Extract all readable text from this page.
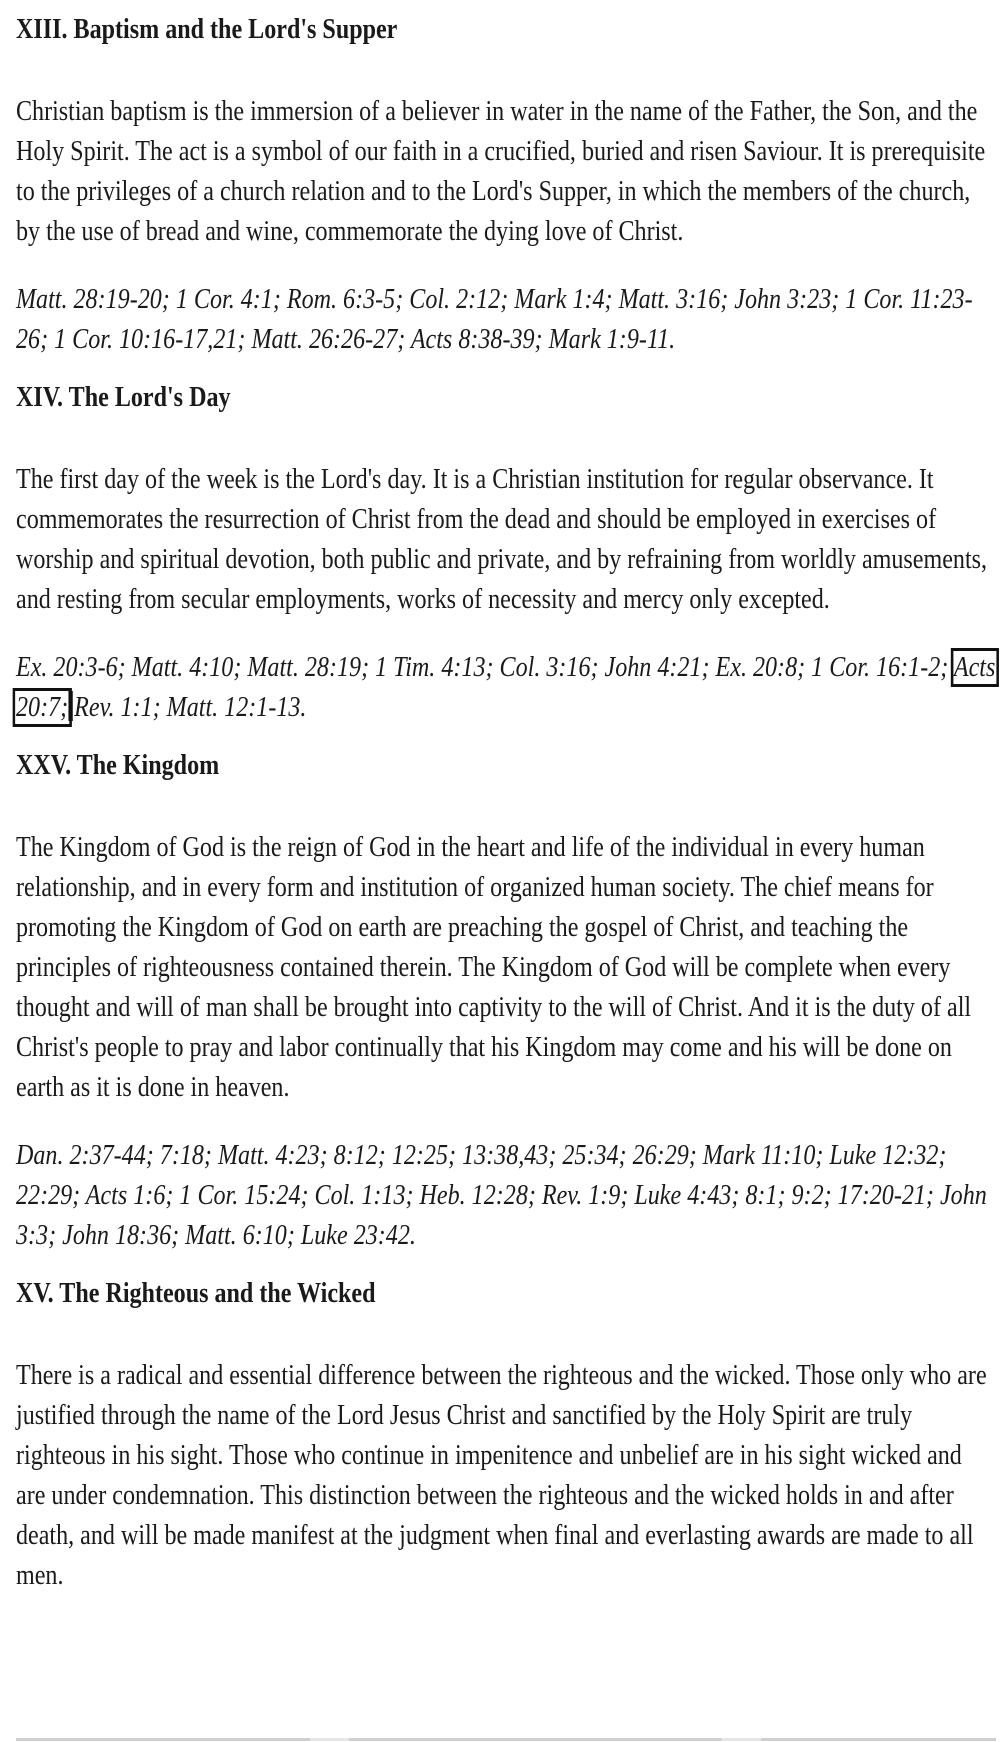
XIII. Baptism and the Lord's Supper

Christian baptism is the immersion of a believer in water in the name of the Father, the Son, and the Holy Spirit. The act is a symbol of our faith in a crucified, buried and risen Saviour. It is prerequisite to the privileges of a church relation and to the Lord's Supper, in which the members of the church, by the use of bread and wine, commemorate the dying love of Christ.

Matt. 28:19-20; 1 Cor. 4:1; Rom. 6:3-5; Col. 2:12; Mark 1:4; Matt. 3:16; John 3:23; 1 Cor. 11:23-26; 1 Cor. 10:16-17,21; Matt. 26:26-27; Acts 8:38-39; Mark 1:9-11.

XIV. The Lord's Day

The first day of the week is the Lord's day. It is a Christian institution for regular observance. It commemorates the resurrection of Christ from the dead and should be employed in exercises of worship and spiritual devotion, both public and private, and by refraining from worldly amusements, and resting from secular employments, works of necessity and mercy only excepted.

Ex. 20:3-6; Matt. 4:10; Matt. 28:19; 1 Tim. 4:13; Col. 3:16; John 4:21; Ex. 20:8; 1 Cor. 16:1-2; Acts 20:7; Rev. 1:1; Matt. 12:1-13.

XXV. The Kingdom

The Kingdom of God is the reign of God in the heart and life of the individual in every human relationship, and in every form and institution of organized human society. The chief means for promoting the Kingdom of God on earth are preaching the gospel of Christ, and teaching the principles of righteousness contained therein. The Kingdom of God will be complete when every thought and will of man shall be brought into captivity to the will of Christ. And it is the duty of all Christ's people to pray and labor continually that his Kingdom may come and his will be done on earth as it is done in heaven.

Dan. 2:37-44; 7:18; Matt. 4:23; 8:12; 12:25; 13:38,43; 25:34; 26:29; Mark 11:10; Luke 12:32; 22:29; Acts 1:6; 1 Cor. 15:24; Col. 1:13; Heb. 12:28; Rev. 1:9; Luke 4:43; 8:1; 9:2; 17:20-21; John 3:3; John 18:36; Matt. 6:10; Luke 23:42.

XV. The Righteous and the Wicked

There is a radical and essential difference between the righteous and the wicked. Those only who are justified through the name of the Lord Jesus Christ and sanctified by the Holy Spirit are truly righteous in his sight. Those who continue in impenitence and unbelief are in his sight wicked and are under condemnation. This distinction between the righteous and the wicked holds in and after death, and will be made manifest at the judgment when final and everlasting awards are made to all men.
